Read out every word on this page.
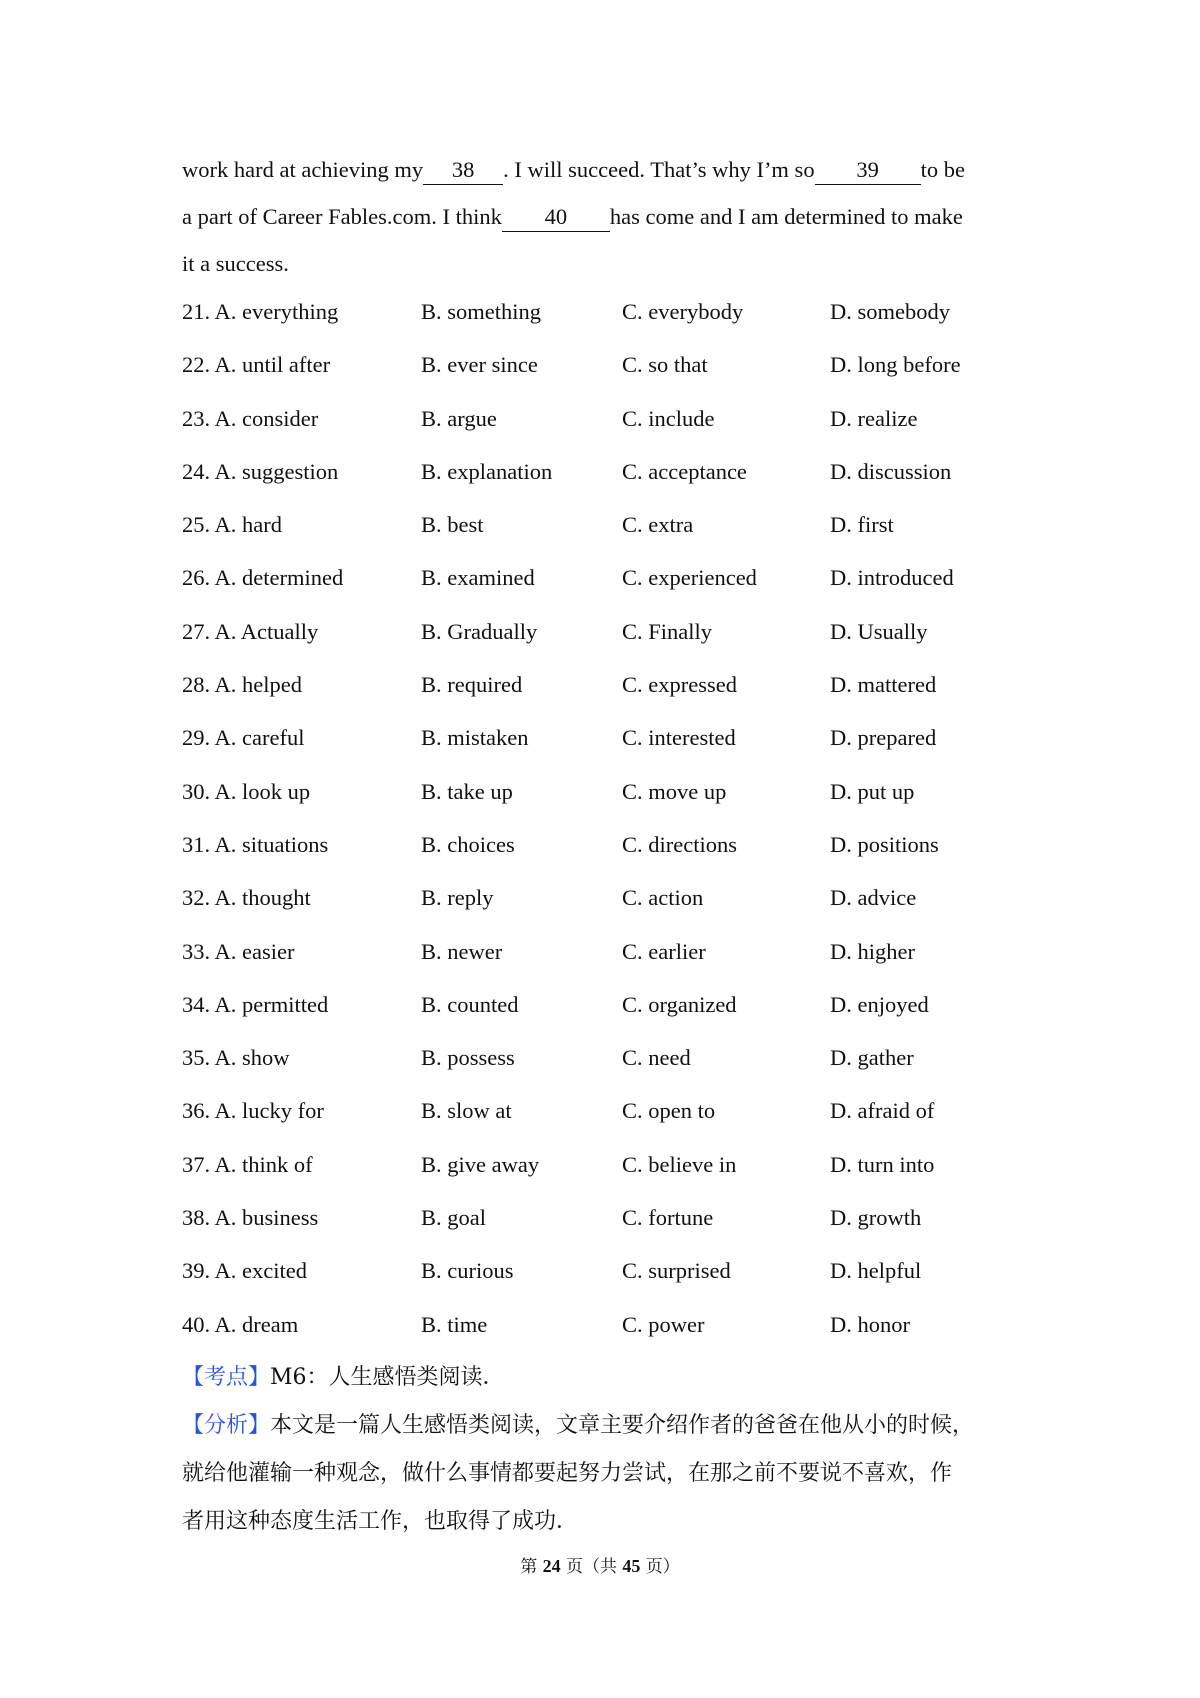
work hard at achieving my 38 . I will succeed. That’s why I’m so 39 to be
a part of Career Fables.com. I think 40 has come and I am determined to make
it a success.
21. A. everything	B. something	C. everybody	D. somebody
22. A. until after	B. ever since	C. so that	D. long before
23. A. consider	B. argue	C. include	D. realize
24. A. suggestion	B. explanation	C. acceptance	D. discussion
25. A. hard	B. best	C. extra	D. first
26. A. determined	B. examined	C. experienced	D. introduced
27. A. Actually	B. Gradually	C. Finally	D. Usually
28. A. helped	B. required	C. expressed	D. mattered
29. A. careful	B. mistaken	C. interested	D. prepared
30. A. look up	B. take up	C. move up	D. put up
31. A. situations	B. choices	C. directions	D. positions
32. A. thought	B. reply	C. action	D. advice
33. A. easier	B. newer	C. earlier	D. higher
34. A. permitted	B. counted	C. organized	D. enjoyed
35. A. show	B. possess	C. need	D. gather
36. A. lucky for	B. slow at	C. open to	D. afraid of
37. A. think of	B. give away	C. believe in	D. turn into
38. A. business	B. goal	C. fortune	D. growth
39. A. excited	B. curious	C. surprised	D. helpful
40. A. dream	B. time	C. power	D. honor
【考点】M6：人生感悟类阅读．
【分析】本文是一篇人生感悟类阅读，文章主要介绍作者的爸爸在他从小的时候，
就给他灌输一种观念，做什么事情都要起努力尝试，在那之前不要说不喜欢，作
者用这种态度生活工作，也取得了成功．
第 24 页（共 45 页）
